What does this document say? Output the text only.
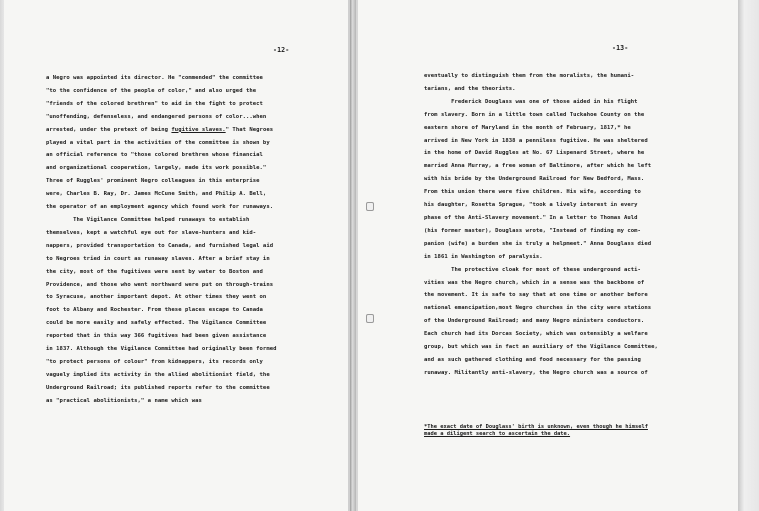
-12-
a Negro was appointed its director. He "commended" the committee
"to the confidence of the people of color," and also urged the
"friends of the colored brethren" to aid in the fight to protect
"unoffending, defenseless, and endangered persons of color...when
arrested, under the pretext of being fugitive slaves." That Negroes
played a vital part in the activities of the committee is shown by
an official reference to "those colored brethren whose financial
and organizational cooperation, largely, made its work possible."
Three of Ruggles' prominent Negro colleagues in this enterprise
were, Charles B. Ray, Dr. James McCune Smith, and Philip A. Bell,
the operator of an employment agency which found work for runaways.
The Vigilance Committee helped runaways to establish
themselves, kept a watchful eye out for slave-hunters and kid-
nappers, provided transportation to Canada, and furnished legal aid
to Negroes tried in court as runaway slaves. After a brief stay in
the city, most of the fugitives were sent by water to Boston and
Providence, and those who went northward were put on through-trains
to Syracuse, another important depot. At other times they went on
foot to Albany and Rochester. From these places escape to Canada
could be more easily and safely effected. The Vigilance Committee
reported that in this way 366 fugitives had been given assistance
in 1837. Although the Vigilance Committee had originally been formed
"to protect persons of colour" from kidnappers, its records only
vaguely implied its activity in the allied abolitionist field, the
Underground Railroad; its published reports refer to the committee
as "practical abolitionists," a name which was
-13-
eventually to distinguish them from the moralists, the humani-
tarians, and the theorists.
Frederick Douglass was one of those aided in his flight
from slavery. Born in a little town called Tuckahoe County on the
eastern shore of Maryland in the month of February, 1817,* he
arrived in New York in 1838 a penniless fugitive. He was sheltered
in the home of David Ruggles at No. 67 Lispenard Street, where he
married Anna Murray, a free woman of Baltimore, after which he left
with his bride by the Underground Railroad for New Bedford, Mass.
From this union there were five children. His wife, according to
his daughter, Rosetta Sprague, "took a lively interest in every
phase of the Anti-Slavery movement." In a letter to Thomas Auld
(his former master), Douglass wrote, "Instead of finding my com-
panion (wife) a burden she is truly a helpmeet." Anna Douglass died
in 1861 in Washington of paralysis.
The protective cloak for most of these underground acti-
vities was the Negro church, which in a sense was the backbone of
the movement. It is safe to say that at one time or another before
national emancipation,most Negro churches in the city were stations
of the Underground Railroad; and many Negro ministers conductors.
Each church had its Dorcas Society, which was ostensibly a welfare
group, but which was in fact an auxiliary of the Vigilance Committee,
and as such gathered clothing and food necessary for the passing
runaway. Militantly anti-slavery, the Negro church was a source of
*The exact date of Douglass' birth is unknown, even though he himself
made a diligent search to ascertain the date.
